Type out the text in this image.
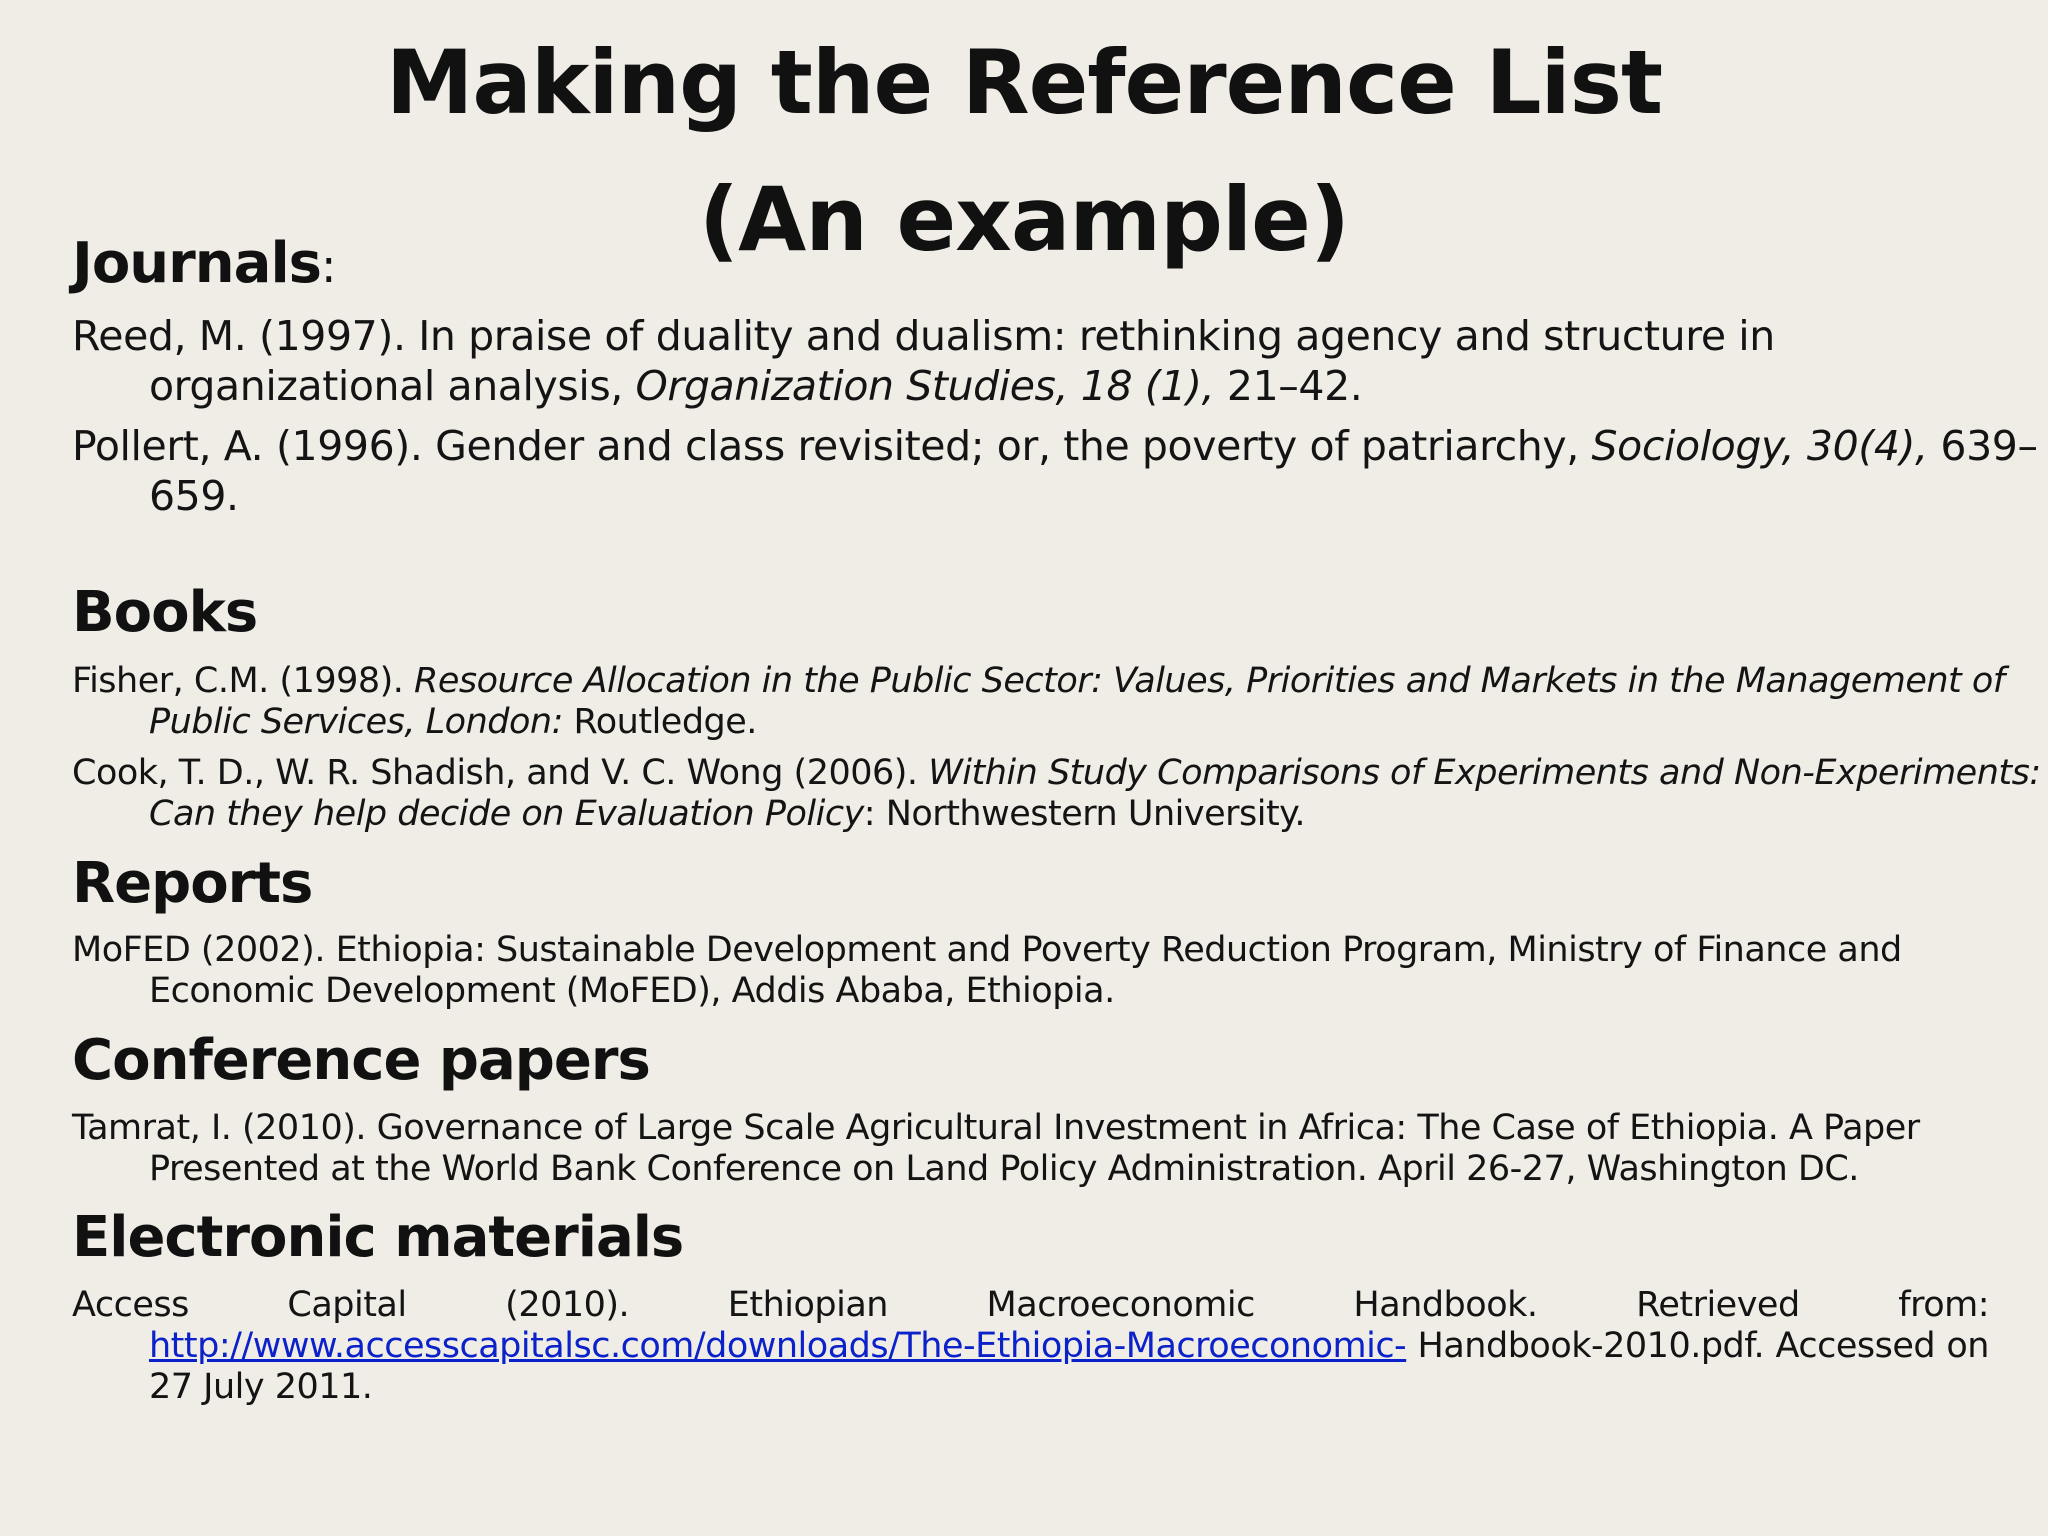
Making the Reference List
(An example)
Journals:

Reed, M. (1997). In praise of duality and dualism: rethinking agency and structure in organizational analysis, Organization Studies, 18 (1), 21–42.

Pollert, A. (1996). Gender and class revisited; or, the poverty of patriarchy, Sociology, 30(4), 639–659.

Books

Fisher, C.M. (1998). Resource Allocation in the Public Sector: Values, Priorities and Markets in the Management of Public Services, London: Routledge.

Cook, T. D., W. R. Shadish, and V. C. Wong (2006). Within Study Comparisons of Experiments and Non-Experiments: Can they help decide on Evaluation Policy: Northwestern University.

Reports

MoFED (2002). Ethiopia: Sustainable Development and Poverty Reduction Program, Ministry of Finance and Economic Development (MoFED), Addis Ababa, Ethiopia.

Conference papers

Tamrat, I. (2010). Governance of Large Scale Agricultural Investment in Africa: The Case of Ethiopia. A Paper Presented at the World Bank Conference on Land Policy Administration. April 26-27, Washington DC.

Electronic materials

Access Capital (2010). Ethiopian Macroeconomic Handbook. Retrieved from: http://www.accesscapitalsc.com/downloads/The-Ethiopia-Macroeconomic- Handbook-2010.pdf. Accessed on 27 July 2011.
